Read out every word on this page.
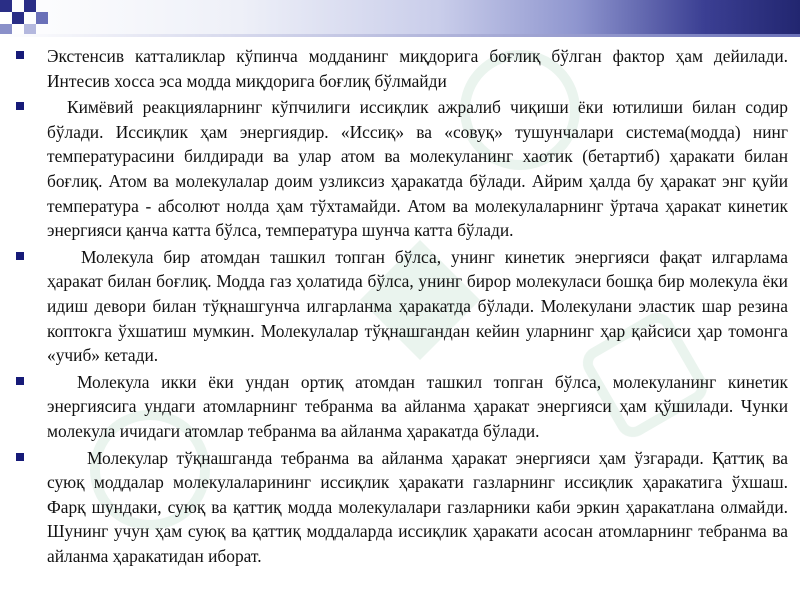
Экстенсив катталиклар кўпинча модданинг миқдорига боғлиқ бўлган фактор ҳам дейилади. Интесив хосса эса модда миқдорига боғлиқ бўлмайди
Кимёвий реакцияларнинг кўпчилиги иссиқлик ажралиб чиқиши ёки ютилиши билан содир бўлади. Иссиқлик ҳам энергиядир. «Иссиқ» ва «совуқ» тушунчалари система(модда) нинг температурасини билдиради ва улар атом ва молекуланинг хаотик (бетартиб) ҳаракати билан боғлиқ. Атом ва молекулалар доим узликсиз ҳаракатда бўлади. Айрим ҳалда бу ҳаракат энг қуйи температура - абсолют нолда ҳам тўхтамайди. Атом ва молекулаларнинг ўртача ҳаракат кинетик энергияси қанча катта бўлса, температура шунча катта бўлади.
Молекула бир атомдан ташкил топган бўлса, унинг кинетик энергияси фақат илгарлама ҳаракат билан боғлиқ. Модда газ ҳолатида бўлса, унинг бирор молекуласи бошқа бир молекула ёки идиш девори билан тўқнашгунча илгарланма ҳаракатда бўлади. Молекулани эластик шар резина коптокга ўхшатиш мумкин. Молекулалар тўқнашгандан кейин уларнинг ҳар қайсиси ҳар томонга «учиб» кетади.
Молекула икки ёки ундан ортиқ атомдан ташкил топган бўлса, молекуланинг кинетик энергиясига ундаги атомларнинг тебранма ва айланма ҳаракат энергияси ҳам қўшилади. Чунки молекула ичидаги атомлар тебранма ва айланма ҳаракатда бўлади.
Молекулар тўқнашганда тебранма ва айланма ҳаракат энергияси ҳам ўзгаради. Қаттиқ ва суюқ моддалар молекулаларининг иссиқлик ҳаракати газларнинг иссиқлик ҳаракатига ўхшаш. Фарқ шундаки, суюқ ва қаттиқ модда молекулалари газларники каби эркин ҳаракатлана олмайди. Шунинг учун ҳам суюқ ва қаттиқ моддаларда иссиқлик ҳаракати асосан атомларнинг тебранма ва айланма ҳаракатидан иборат.
